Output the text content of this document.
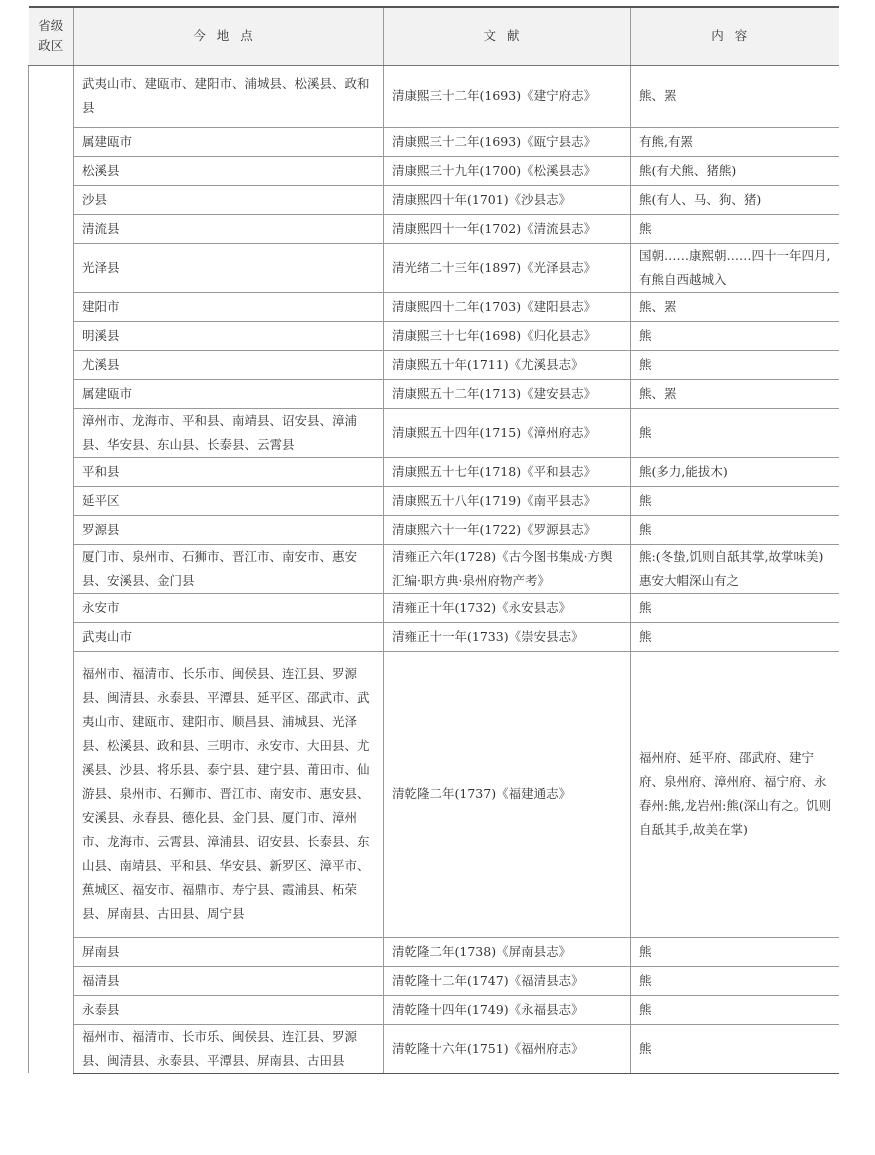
省级
政区	今地点	文献	内容
	武夷山市、建瓯市、建阳市、浦城县、松溪县、政和县	清康熙三十二年(1693)《建宁府志》	熊、罴
	属建瓯市	清康熙三十二年(1693)《瓯宁县志》	有熊,有罴
	松溪县	清康熙三十九年(1700)《松溪县志》	熊(有犬熊、猪熊)
	沙县	清康熙四十年(1701)《沙县志》	熊(有人、马、狗、猪)
	清流县	清康熙四十一年(1702)《清流县志》	熊
	光泽县	清光绪二十三年(1897)《光泽县志》	国朝……康熙朝……四十一年四月,有熊自西越城入
	建阳市	清康熙四十二年(1703)《建阳县志》	熊、罴
	明溪县	清康熙三十七年(1698)《归化县志》	熊
	尤溪县	清康熙五十年(1711)《尤溪县志》	熊
	属建瓯市	清康熙五十二年(1713)《建安县志》	熊、罴
	漳州市、龙海市、平和县、南靖县、诏安县、漳浦县、华安县、东山县、长泰县、云霄县	清康熙五十四年(1715)《漳州府志》	熊
	平和县	清康熙五十七年(1718)《平和县志》	熊(多力,能拔木)
	延平区	清康熙五十八年(1719)《南平县志》	熊
	罗源县	清康熙六十一年(1722)《罗源县志》	熊
	厦门市、泉州市、石狮市、晋江市、南安市、惠安县、安溪县、金门县	清雍正六年(1728)《古今图书集成·方舆汇编·职方典·泉州府物产考》	熊:(冬蛰,饥则自舐其掌,故掌味美)惠安大帽深山有之
	永安市	清雍正十年(1732)《永安县志》	熊
	武夷山市	清雍正十一年(1733)《崇安县志》	熊
	福州市、福清市、长乐市、闽侯县、连江县、罗源县、闽清县、永泰县、平潭县、延平区、邵武市、武夷山市、建瓯市、建阳市、顺昌县、浦城县、光泽县、松溪县、政和县、三明市、永安市、大田县、尤溪县、沙县、将乐县、泰宁县、建宁县、莆田市、仙游县、泉州市、石狮市、晋江市、南安市、惠安县、安溪县、永春县、德化县、金门县、厦门市、漳州市、龙海市、云霄县、漳浦县、诏安县、长泰县、东山县、南靖县、平和县、华安县、新罗区、漳平市、蕉城区、福安市、福鼎市、寿宁县、霞浦县、柘荣县、屏南县、古田县、周宁县	清乾隆二年(1737)《福建通志》	福州府、延平府、邵武府、建宁府、泉州府、漳州府、福宁府、永春州:熊,龙岩州:熊(深山有之。饥则自舐其手,故美在掌)
	屏南县	清乾隆二年(1738)《屏南县志》	熊
	福清县	清乾隆十二年(1747)《福清县志》	熊
	永泰县	清乾隆十四年(1749)《永福县志》	熊
	福州市、福清市、长市乐、闽侯县、连江县、罗源县、闽清县、永泰县、平潭县、屏南县、古田县	清乾隆十六年(1751)《福州府志》	熊
